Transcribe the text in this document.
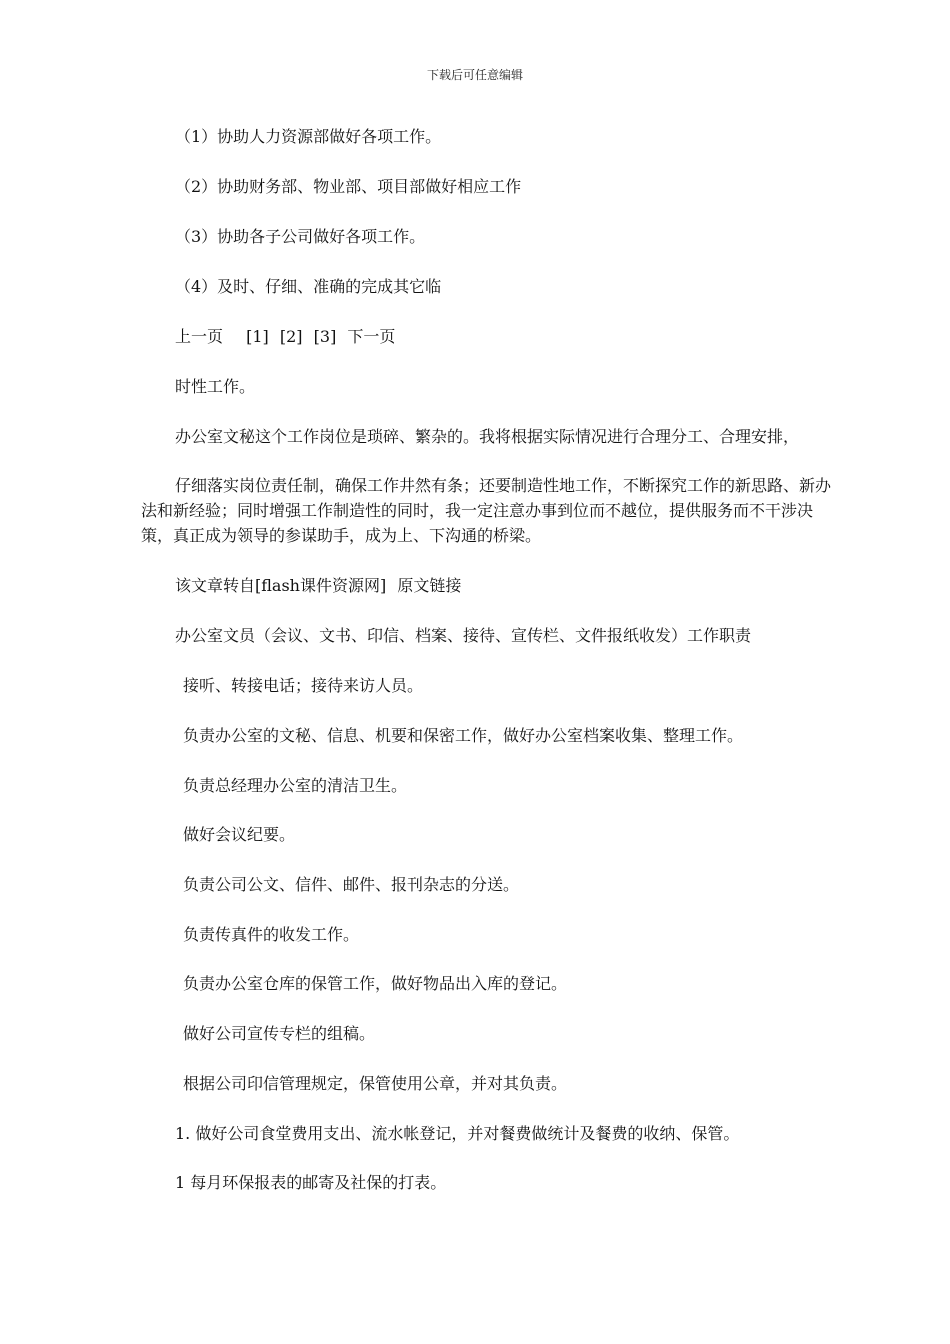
下载后可任意编辑
（1）协助人力资源部做好各项工作。
（2）协助财务部、物业部、项目部做好相应工作
（3）协助各子公司做好各项工作。
（4）及时、仔细、准确的完成其它临
上一页 [1] [2] [3] 下一页
时性工作。
办公室文秘这个工作岗位是琐碎、繁杂的。我将根据实际情况进行合理分工、合理安排，
仔细落实岗位责任制，确保工作井然有条；还要制造性地工作，不断探究工作的新思路、新办法和新经验；同时增强工作制造性的同时，我一定注意办事到位而不越位，提供服务而不干涉决策，真正成为领导的参谋助手，成为上、下沟通的桥梁。
该文章转自[flash课件资源网] 原文链接
办公室文员（会议、文书、印信、档案、接待、宣传栏、文件报纸收发）工作职责
接听、转接电话；接待来访人员。
负责办公室的文秘、信息、机要和保密工作，做好办公室档案收集、整理工作。
负责总经理办公室的清洁卫生。
做好会议纪要。
负责公司公文、信件、邮件、报刊杂志的分送。
负责传真件的收发工作。
负责办公室仓库的保管工作，做好物品出入库的登记。
做好公司宣传专栏的组稿。
根据公司印信管理规定，保管使用公章，并对其负责。
1. 做好公司食堂费用支出、流水帐登记，并对餐费做统计及餐费的收纳、保管。
1 每月环保报表的邮寄及社保的打表。
